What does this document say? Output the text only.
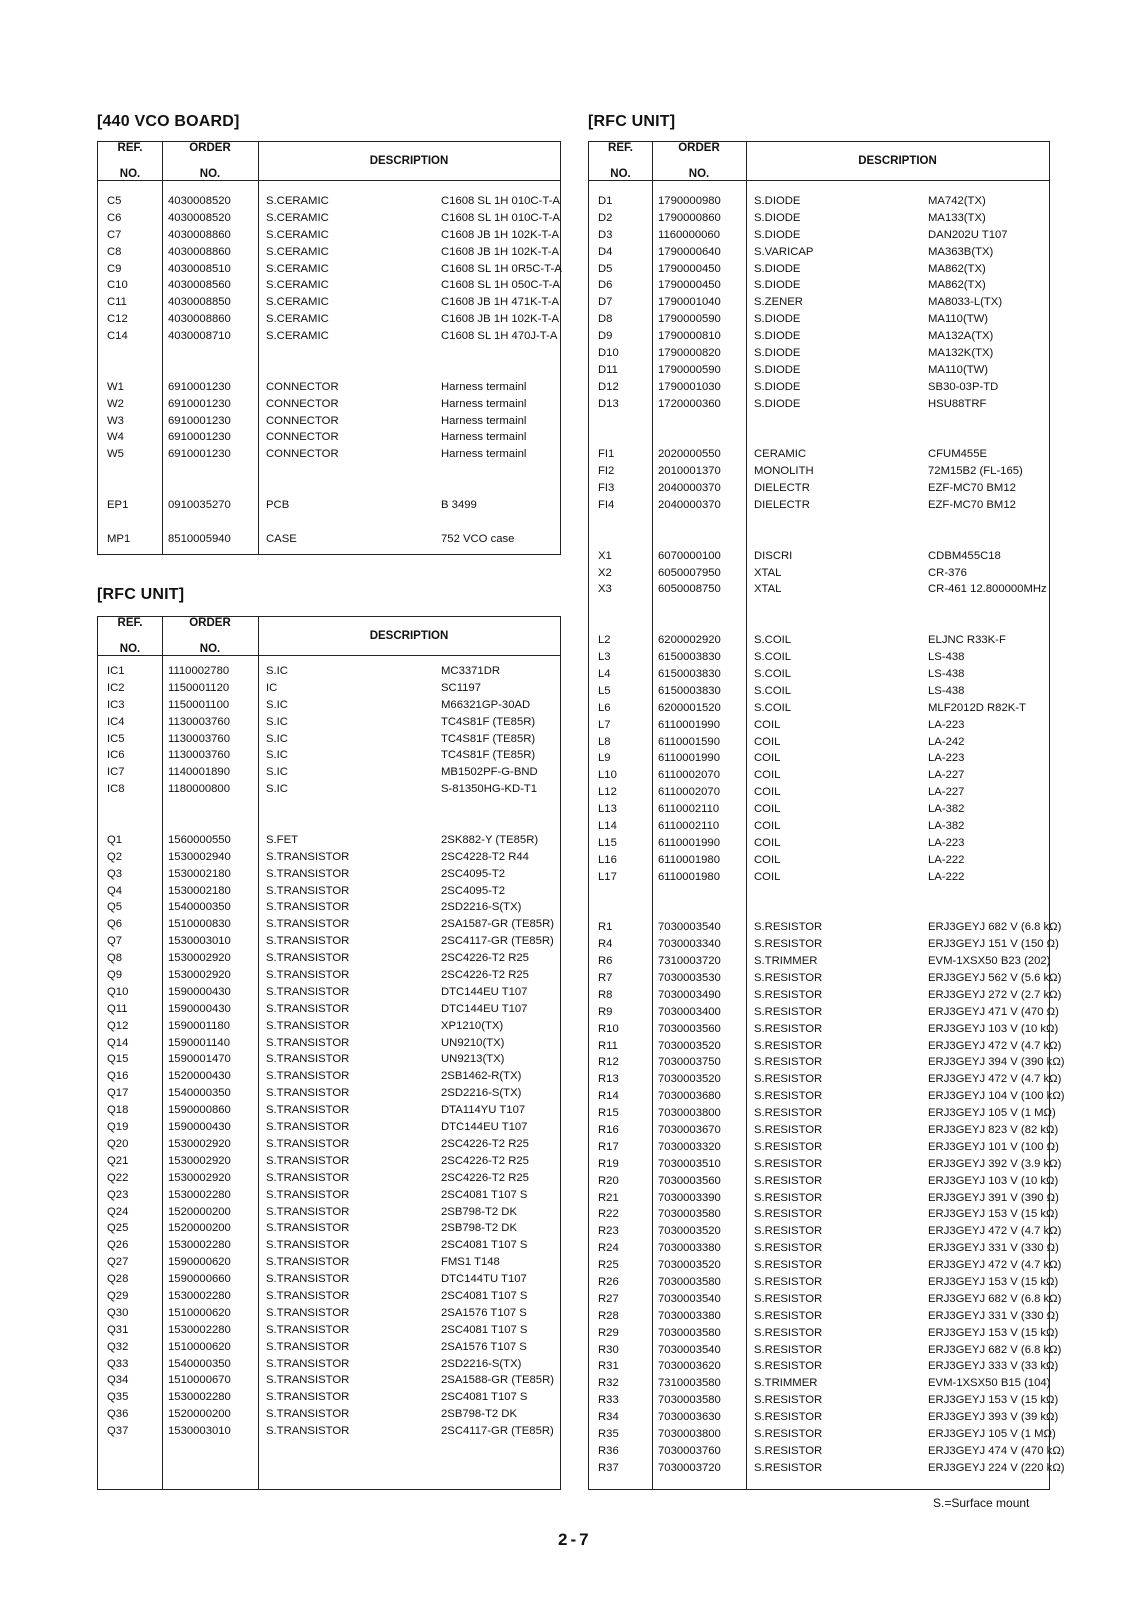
[440 VCO BOARD]
REF.

NO.
ORDER

NO.
DESCRIPTION
C5	4030008520	S.CERAMIC	C1608 SL 1H 010C-T-A
C6	4030008520	S.CERAMIC	C1608 SL 1H 010C-T-A
C7	4030008860	S.CERAMIC	C1608 JB 1H 102K-T-A
C8	4030008860	S.CERAMIC	C1608 JB 1H 102K-T-A
C9	4030008510	S.CERAMIC	C1608 SL 1H 0R5C-T-A
C10	4030008560	S.CERAMIC	C1608 SL 1H 050C-T-A
C11	4030008850	S.CERAMIC	C1608 JB 1H 471K-T-A
C12	4030008860	S.CERAMIC	C1608 JB 1H 102K-T-A
C14	4030008710	S.CERAMIC	C1608 SL 1H 470J-T-A
W1	6910001230	CONNECTOR	Harness termainl
W2	6910001230	CONNECTOR	Harness termainl
W3	6910001230	CONNECTOR	Harness termainl
W4	6910001230	CONNECTOR	Harness termainl
W5	6910001230	CONNECTOR	Harness termainl
EP1	0910035270	PCB	B 3499
MP1	8510005940	CASE	752 VCO case
[RFC UNIT]
REF.

NO.
ORDER

NO.
DESCRIPTION
IC1	1110002780	S.IC	MC3371DR
IC2	1150001120	IC	SC1197
IC3	1150001100	S.IC	M66321GP-30AD
IC4	1130003760	S.IC	TC4S81F (TE85R)
IC5	1130003760	S.IC	TC4S81F (TE85R)
IC6	1130003760	S.IC	TC4S81F (TE85R)
IC7	1140001890	S.IC	MB1502PF-G-BND
IC8	1180000800	S.IC	S-81350HG-KD-T1
Q1	1560000550	S.FET	2SK882-Y (TE85R)
Q2	1530002940	S.TRANSISTOR	2SC4228-T2 R44
Q3	1530002180	S.TRANSISTOR	2SC4095-T2
Q4	1530002180	S.TRANSISTOR	2SC4095-T2
Q5	1540000350	S.TRANSISTOR	2SD2216-S(TX)
Q6	1510000830	S.TRANSISTOR	2SA1587-GR (TE85R)
Q7	1530003010	S.TRANSISTOR	2SC4117-GR (TE85R)
Q8	1530002920	S.TRANSISTOR	2SC4226-T2 R25
Q9	1530002920	S.TRANSISTOR	2SC4226-T2 R25
Q10	1590000430	S.TRANSISTOR	DTC144EU T107
Q11	1590000430	S.TRANSISTOR	DTC144EU T107
Q12	1590001180	S.TRANSISTOR	XP1210(TX)
Q14	1590001140	S.TRANSISTOR	UN9210(TX)
Q15	1590001470	S.TRANSISTOR	UN9213(TX)
Q16	1520000430	S.TRANSISTOR	2SB1462-R(TX)
Q17	1540000350	S.TRANSISTOR	2SD2216-S(TX)
Q18	1590000860	S.TRANSISTOR	DTA114YU T107
Q19	1590000430	S.TRANSISTOR	DTC144EU T107
Q20	1530002920	S.TRANSISTOR	2SC4226-T2 R25
Q21	1530002920	S.TRANSISTOR	2SC4226-T2 R25
Q22	1530002920	S.TRANSISTOR	2SC4226-T2 R25
Q23	1530002280	S.TRANSISTOR	2SC4081 T107 S
Q24	1520000200	S.TRANSISTOR	2SB798-T2 DK
Q25	1520000200	S.TRANSISTOR	2SB798-T2 DK
Q26	1530002280	S.TRANSISTOR	2SC4081 T107 S
Q27	1590000620	S.TRANSISTOR	FMS1 T148
Q28	1590000660	S.TRANSISTOR	DTC144TU T107
Q29	1530002280	S.TRANSISTOR	2SC4081 T107 S
Q30	1510000620	S.TRANSISTOR	2SA1576 T107 S
Q31	1530002280	S.TRANSISTOR	2SC4081 T107 S
Q32	1510000620	S.TRANSISTOR	2SA1576 T107 S
Q33	1540000350	S.TRANSISTOR	2SD2216-S(TX)
Q34	1510000670	S.TRANSISTOR	2SA1588-GR (TE85R)
Q35	1530002280	S.TRANSISTOR	2SC4081 T107 S
Q36	1520000200	S.TRANSISTOR	2SB798-T2 DK
Q37	1530003010	S.TRANSISTOR	2SC4117-GR (TE85R)
[RFC UNIT]
REF.

NO.
ORDER

NO.
DESCRIPTION
D1	1790000980	S.DIODE	MA742(TX)
D2	1790000860	S.DIODE	MA133(TX)
D3	1160000060	S.DIODE	DAN202U T107
D4	1790000640	S.VARICAP	MA363B(TX)
D5	1790000450	S.DIODE	MA862(TX)
D6	1790000450	S.DIODE	MA862(TX)
D7	1790001040	S.ZENER	MA8033-L(TX)
D8	1790000590	S.DIODE	MA110(TW)
D9	1790000810	S.DIODE	MA132A(TX)
D10	1790000820	S.DIODE	MA132K(TX)
D11	1790000590	S.DIODE	MA110(TW)
D12	1790001030	S.DIODE	SB30-03P-TD
D13	1720000360	S.DIODE	HSU88TRF
FI1	2020000550	CERAMIC	CFUM455E
FI2	2010001370	MONOLITH	72M15B2 (FL-165)
FI3	2040000370	DIELECTR	EZF-MC70 BM12
FI4	2040000370	DIELECTR	EZF-MC70 BM12
X1	6070000100	DISCRI	CDBM455C18
X2	6050007950	XTAL	CR-376
X3	6050008750	XTAL	CR-461 12.800000MHz
L2	6200002920	S.COIL	ELJNC R33K-F
L3	6150003830	S.COIL	LS-438
L4	6150003830	S.COIL	LS-438
L5	6150003830	S.COIL	LS-438
L6	6200001520	S.COIL	MLF2012D R82K-T
L7	6110001990	COIL	LA-223
L8	6110001590	COIL	LA-242
L9	6110001990	COIL	LA-223
L10	6110002070	COIL	LA-227
L12	6110002070	COIL	LA-227
L13	6110002110	COIL	LA-382
L14	6110002110	COIL	LA-382
L15	6110001990	COIL	LA-223
L16	6110001980	COIL	LA-222
L17	6110001980	COIL	LA-222
R1	7030003540	S.RESISTOR	ERJ3GEYJ 682 V (6.8 kΩ)
R4	7030003340	S.RESISTOR	ERJ3GEYJ 151 V (150 Ω)
R6	7310003720	S.TRIMMER	EVM-1XSX50 B23 (202)
R7	7030003530	S.RESISTOR	ERJ3GEYJ 562 V (5.6 kΩ)
R8	7030003490	S.RESISTOR	ERJ3GEYJ 272 V (2.7 kΩ)
R9	7030003400	S.RESISTOR	ERJ3GEYJ 471 V (470 Ω)
R10	7030003560	S.RESISTOR	ERJ3GEYJ 103 V (10 kΩ)
R11	7030003520	S.RESISTOR	ERJ3GEYJ 472 V (4.7 kΩ)
R12	7030003750	S.RESISTOR	ERJ3GEYJ 394 V (390 kΩ)
R13	7030003520	S.RESISTOR	ERJ3GEYJ 472 V (4.7 kΩ)
R14	7030003680	S.RESISTOR	ERJ3GEYJ 104 V (100 kΩ)
R15	7030003800	S.RESISTOR	ERJ3GEYJ 105 V (1 MΩ)
R16	7030003670	S.RESISTOR	ERJ3GEYJ 823 V (82 kΩ)
R17	7030003320	S.RESISTOR	ERJ3GEYJ 101 V (100 Ω)
R19	7030003510	S.RESISTOR	ERJ3GEYJ 392 V (3.9 kΩ)
R20	7030003560	S.RESISTOR	ERJ3GEYJ 103 V (10 kΩ)
R21	7030003390	S.RESISTOR	ERJ3GEYJ 391 V (390 Ω)
R22	7030003580	S.RESISTOR	ERJ3GEYJ 153 V (15 kΩ)
R23	7030003520	S.RESISTOR	ERJ3GEYJ 472 V (4.7 kΩ)
R24	7030003380	S.RESISTOR	ERJ3GEYJ 331 V (330 Ω)
R25	7030003520	S.RESISTOR	ERJ3GEYJ 472 V (4.7 kΩ)
R26	7030003580	S.RESISTOR	ERJ3GEYJ 153 V (15 kΩ)
R27	7030003540	S.RESISTOR	ERJ3GEYJ 682 V (6.8 kΩ)
R28	7030003380	S.RESISTOR	ERJ3GEYJ 331 V (330 Ω)
R29	7030003580	S.RESISTOR	ERJ3GEYJ 153 V (15 kΩ)
R30	7030003540	S.RESISTOR	ERJ3GEYJ 682 V (6.8 kΩ)
R31	7030003620	S.RESISTOR	ERJ3GEYJ 333 V (33 kΩ)
R32	7310003580	S.TRIMMER	EVM-1XSX50 B15 (104)
R33	7030003580	S.RESISTOR	ERJ3GEYJ 153 V (15 kΩ)
R34	7030003630	S.RESISTOR	ERJ3GEYJ 393 V (39 kΩ)
R35	7030003800	S.RESISTOR	ERJ3GEYJ 105 V (1 MΩ)
R36	7030003760	S.RESISTOR	ERJ3GEYJ 474 V (470 kΩ)
R37	7030003720	S.RESISTOR	ERJ3GEYJ 224 V (220 kΩ)
S.=Surface mount
2-7
